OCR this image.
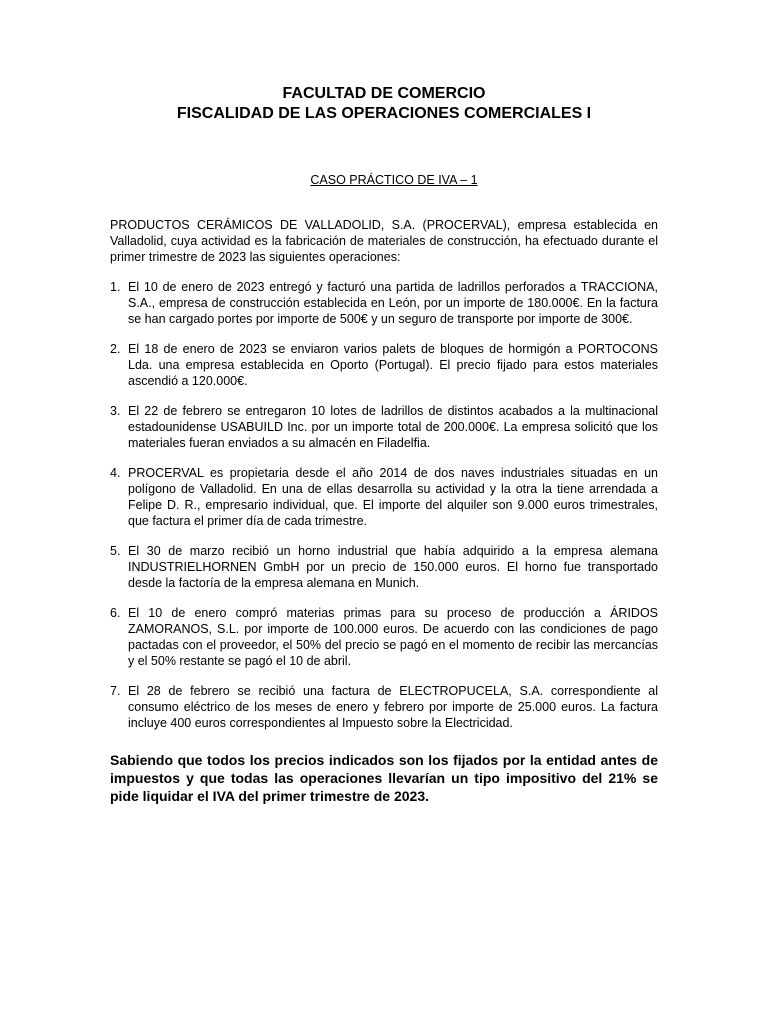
FACULTAD DE COMERCIO

FISCALIDAD DE LAS OPERACIONES COMERCIALES I

CASO PRÁCTICO DE IVA – 1

PRODUCTOS CERÁMICOS DE VALLADOLID, S.A. (PROCERVAL), empresa establecida en Valladolid, cuya actividad es la fabricación de materiales de construcción, ha efectuado durante el primer trimestre de 2023 las siguientes operaciones:

1. El 10 de enero de 2023 entregó y facturó una partida de ladrillos perforados a TRACCIONA, S.A., empresa de construcción establecida en León, por un importe de 180.000€. En la factura se han cargado portes por importe de 500€ y un seguro de transporte por importe de 300€.
2. El 18 de enero de 2023 se enviaron varios palets de bloques de hormigón a PORTOCONS Lda. una empresa establecida en Oporto (Portugal). El precio fijado para estos materiales ascendió a 120.000€.
3. El 22 de febrero se entregaron 10 lotes de ladrillos de distintos acabados a la multinacional estadounidense USABUILD Inc. por un importe total de 200.000€. La empresa solicitó que los materiales fueran enviados a su almacén en Filadelfia.
4. PROCERVAL es propietaria desde el año 2014 de dos naves industriales situadas en un polígono de Valladolid. En una de ellas desarrolla su actividad y la otra la tiene arrendada a Felipe D. R., empresario individual, que. El importe del alquiler son 9.000 euros trimestrales, que factura el primer día de cada trimestre.
5. El 30 de marzo recibió un horno industrial que había adquirido a la empresa alemana INDUSTRIELHORNEN GmbH por un precio de 150.000 euros. El horno fue transportado desde la factoría de la empresa alemana en Munich.
6. El 10 de enero compró materias primas para su proceso de producción a ÁRIDOS ZAMORANOS, S.L. por importe de 100.000 euros. De acuerdo con las condiciones de pago pactadas con el proveedor, el 50% del precio se pagó en el momento de recibir las mercancías y el 50% restante se pagó el 10 de abril.
7. El 28 de febrero se recibió una factura de ELECTROPUCELA, S.A. correspondiente al consumo eléctrico de los meses de enero y febrero por importe de 25.000 euros. La factura incluye 400 euros correspondientes al Impuesto sobre la Electricidad.

Sabiendo que todos los precios indicados son los fijados por la entidad antes de impuestos y que todas las operaciones llevarían un tipo impositivo del 21% se pide liquidar el IVA del primer trimestre de 2023.
